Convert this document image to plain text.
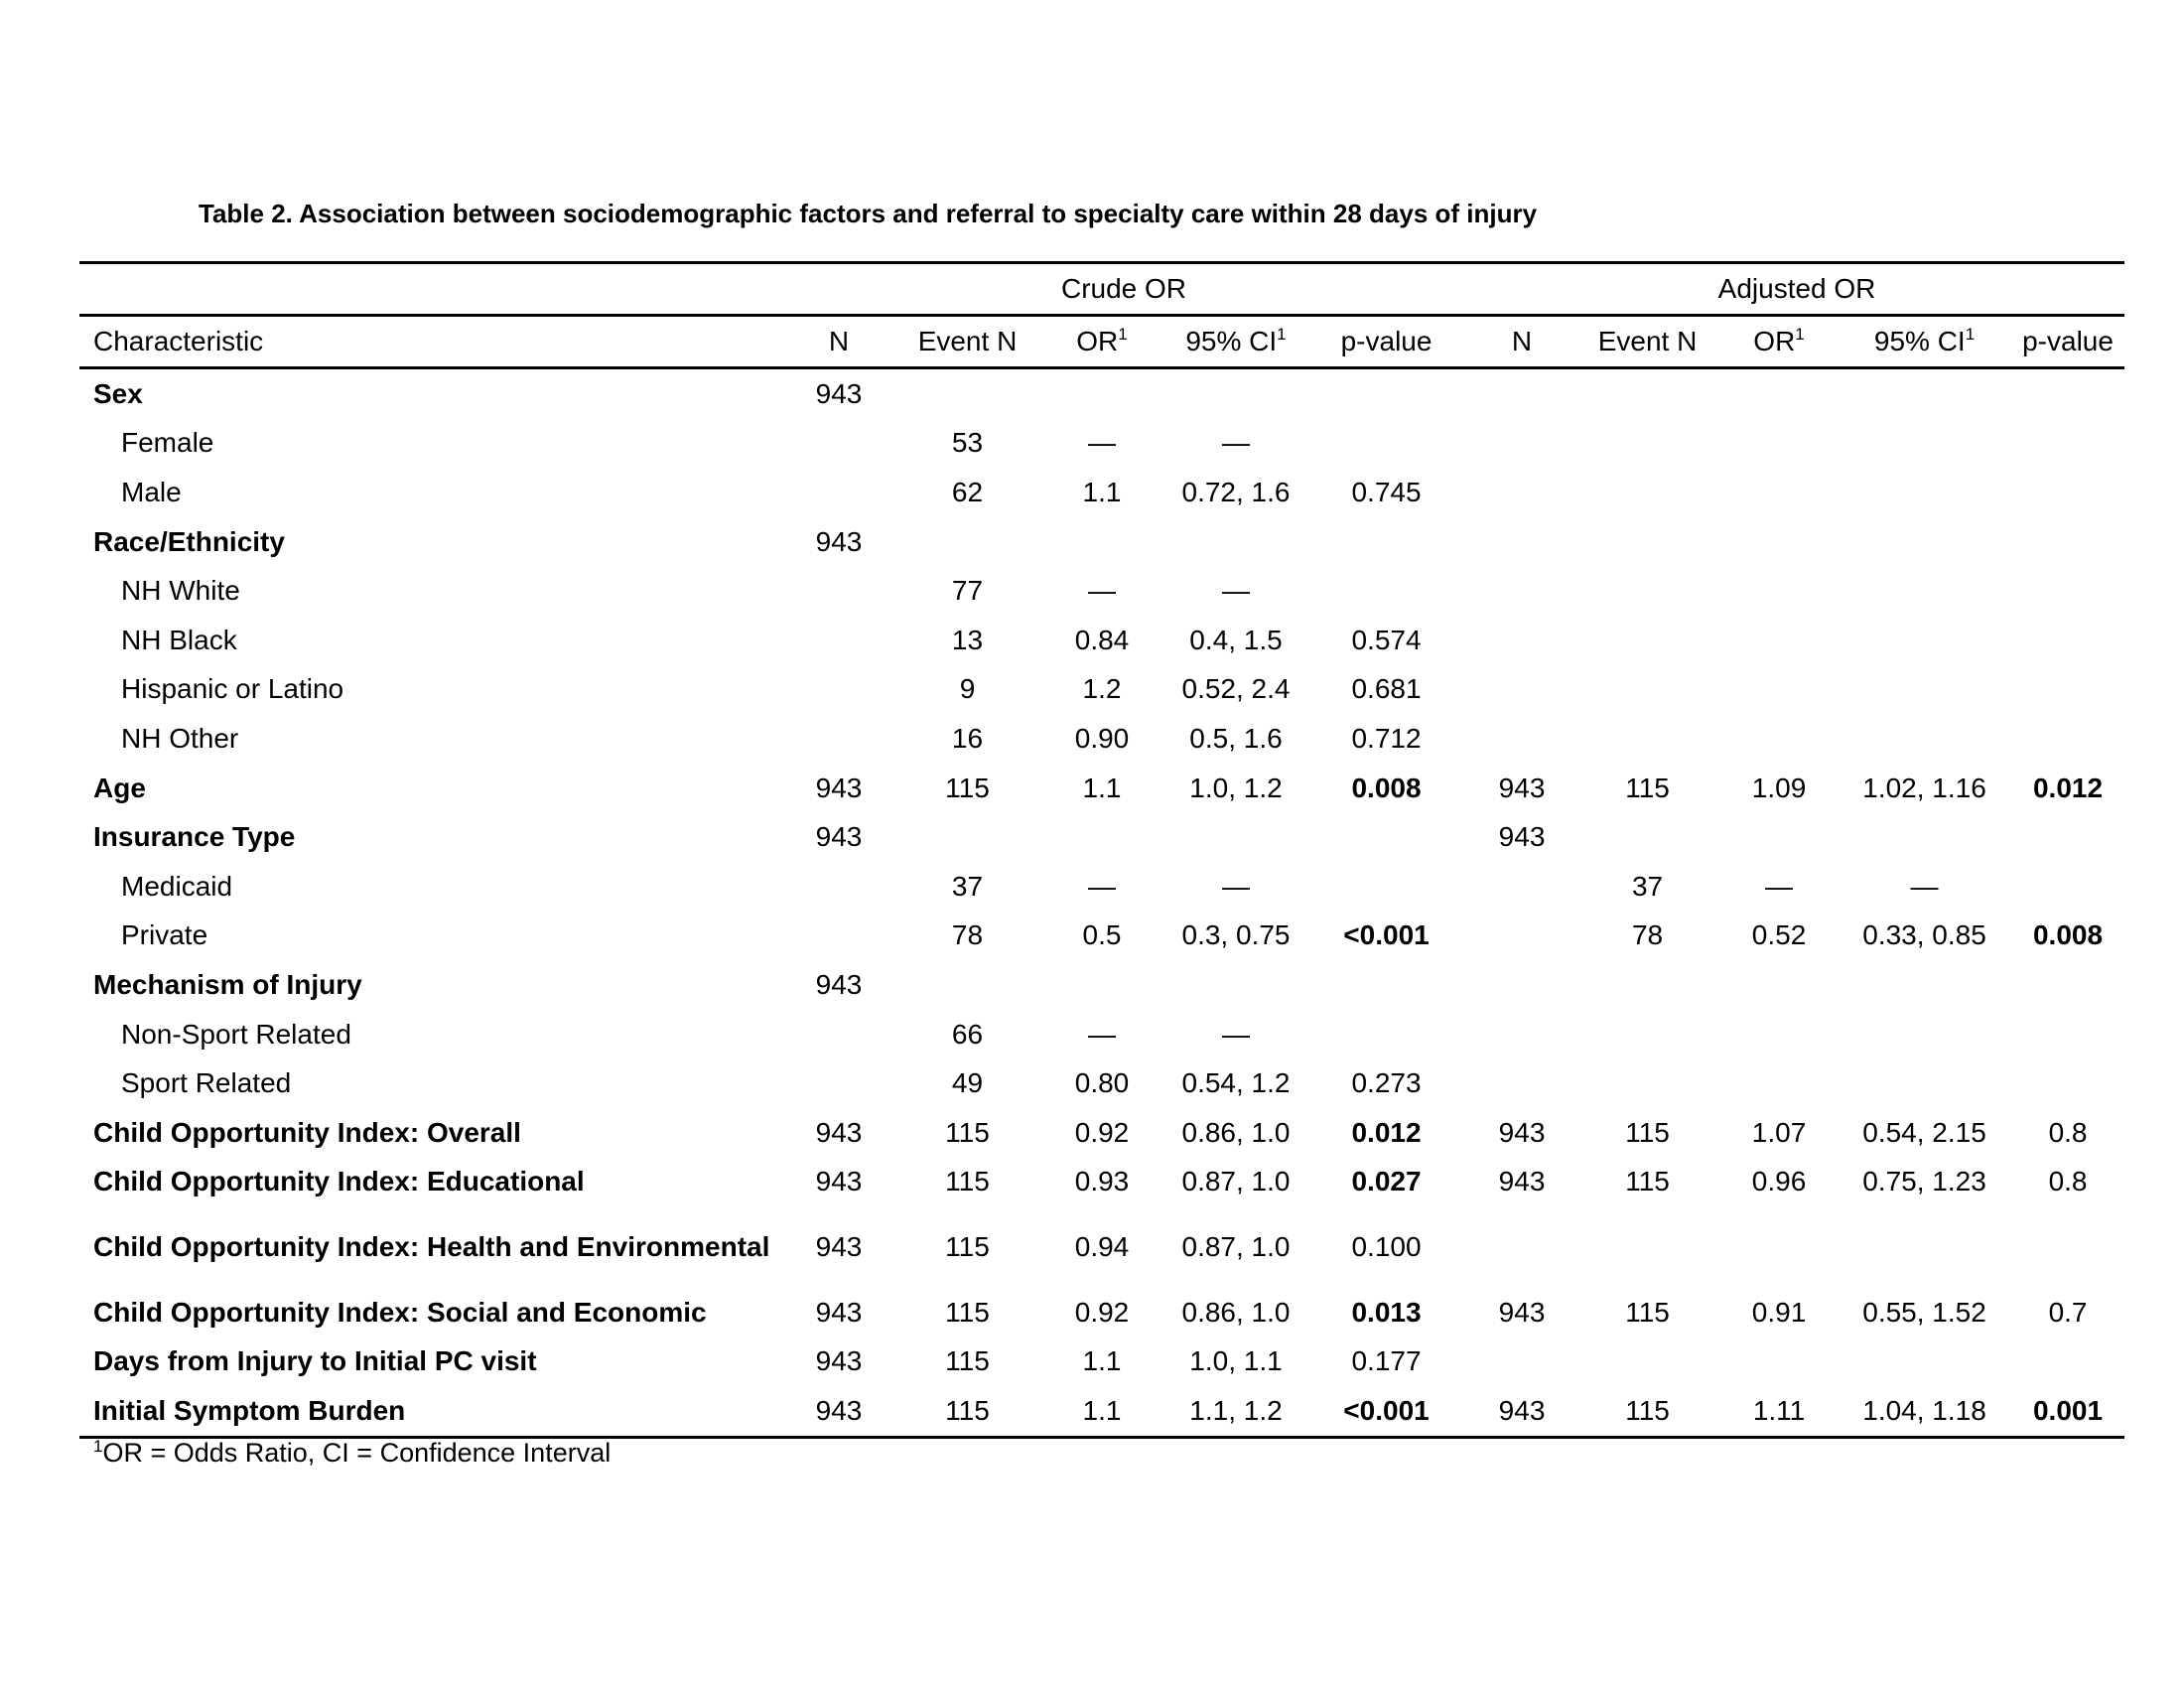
Table 2. Association between sociodemographic factors and referral to specialty care within 28 days of injury
	Crude OR					Adjusted OR				
Characteristic	N	Event N	$OR^1$	95% $CI^1$	p-value	N	Event N	$OR^1$	95% $CI^1$	p-value
Sex	943									
Female		53	—	—						
Male		62	1.1	0.72, 1.6	0.745					
Race/Ethnicity	943									
NH White		77	—	—						
NH Black		13	0.84	0.4, 1.5	0.574					
Hispanic or Latino		9	1.2	0.52, 2.4	0.681					
NH Other		16	0.90	0.5, 1.6	0.712					
Age	943	115	1.1	1.0, 1.2	0.008	943	115	1.09	1.02, 1.16	0.012
Insurance Type	943					943				
Medicaid		37	—	—			37	—	—	
Private		78	0.5	0.3, 0.75	<0.001		78	0.52	0.33, 0.85	0.008
Mechanism of Injury	943									
Non-Sport Related		66	—	—						
Sport Related		49	0.80	0.54, 1.2	0.273					
Child Opportunity Index: Overall	943	115	0.92	0.86, 1.0	0.012	943	115	1.07	0.54, 2.15	0.8
Child Opportunity Index: Educational	943	115	0.93	0.87, 1.0	0.027	943	115	0.96	0.75, 1.23	0.8
Child Opportunity Index: Health and Environmental	943	115	0.94	0.87, 1.0	0.100					
Child Opportunity Index: Social and Economic	943	115	0.92	0.86, 1.0	0.013	943	115	0.91	0.55, 1.52	0.7
Days from Injury to Initial PC visit	943	115	1.1	1.0, 1.1	0.177					
Initial Symptom Burden	943	115	1.1	1.1, 1.2	<0.001	943	115	1.11	1.04, 1.18	0.001
$^1$OR = Odds Ratio, CI = Confidence Interval
